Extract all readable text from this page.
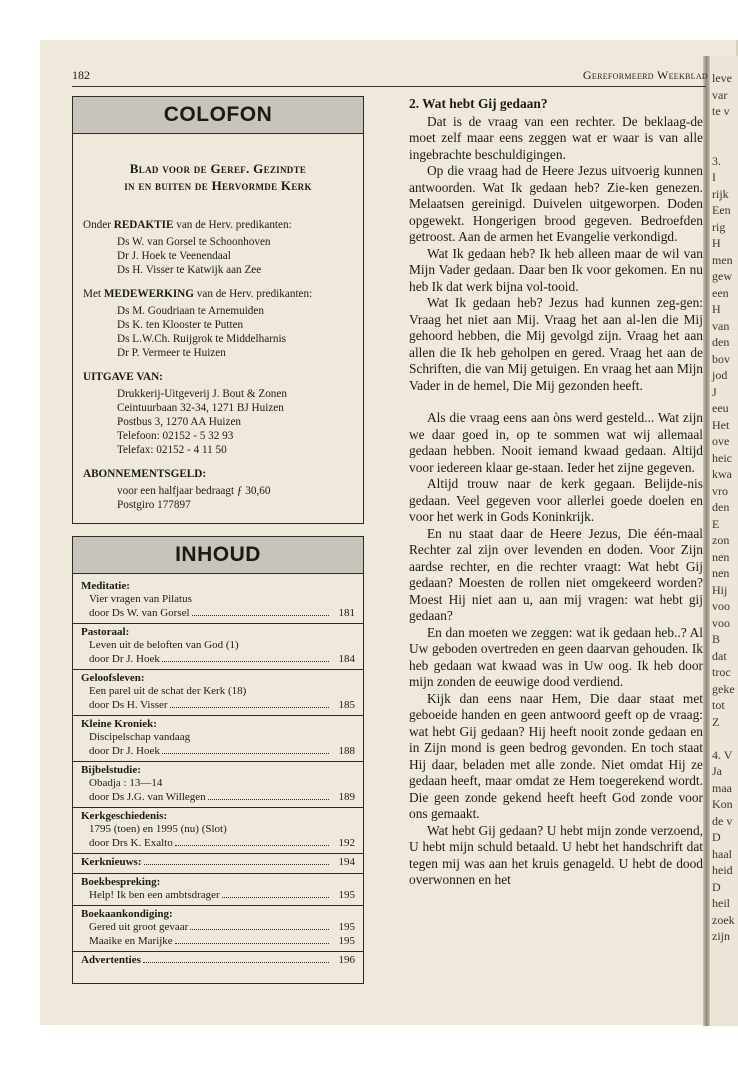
leve
var
te v

3.
I
rijk
Een
rig
H
men
gew
een
H
van
den
bov
jod
J
eeu
Het
ove
heic
kwa
vro
den
E
zon
nen
nen
Hij
voo
voo
B
dat
troc
geke
tot
Z

4. V
Ja
maa
Kon
de v
D
haal
heid
D
heil
zoek
zijn
182	Gereformeerd Weekblad
COLOFON
Blad voor de Geref. Gezindte
in en buiten de Hervormde Kerk
Onder REDAKTIE van de Herv. predikanten:
Ds W. van Gorsel te Schoonhoven
Dr J. Hoek te Veenendaal
Ds H. Visser te Katwijk aan Zee
Met MEDEWERKING van de Herv. predikanten:
Ds M. Goudriaan te Arnemuiden
Ds K. ten Klooster te Putten
Ds L.W.Ch. Ruijgrok te Middelharnis
Dr P. Vermeer te Huizen
UITGAVE VAN:
Drukkerij-Uitgeverij J. Bout & Zonen
Ceintuurbaan 32-34, 1271 BJ Huizen
Postbus 3, 1270 AA Huizen
Telefoon: 02152 - 5 32 93
Telefax: 02152 - 4 11 50
ABONNEMENTSGELD:
voor een halfjaar bedraagt ƒ 30,60
Postgiro 177897
INHOUD
Meditatie:
Vier vragen van Pilatus
door Ds W. van Gorsel	181
Pastoraal:
Leven uit de beloften van God (1)
door Dr J. Hoek	184
Geloofsleven:
Een parel uit de schat der Kerk (18)
door Ds H. Visser	185
Kleine Kroniek:
Discipelschap vandaag
door Dr J. Hoek	188
Bijbelstudie:
Obadja : 13—14
door Ds J.G. van Willegen	189
Kerkgeschiedenis:
1795 (toen) en 1995 (nu) (Slot)
door Drs K. Exalto	192
Kerknieuws:	194
Boekbespreking:
Help! Ik ben een ambtsdrager	195
Boekaankondiging:
Gered uit groot gevaar	195
Maaike en Marijke	195
Advertenties	196
2. Wat hebt Gij gedaan?

Dat is de vraag van een rechter. De beklaag-de moet zelf maar eens zeggen wat er waar is van alle ingebrachte beschuldigingen.

Op die vraag had de Heere Jezus uitvoerig kunnen antwoorden. Wat Ik gedaan heb? Zie-ken genezen. Melaatsen gereinigd. Duivelen uitgeworpen. Doden opgewekt. Hongerigen brood gegeven. Bedroefden getroost. Aan de armen het Evangelie verkondigd.

Wat Ik gedaan heb? Ik heb alleen maar de wil van Mijn Vader gedaan. Daar ben Ik voor gekomen. En nu heb Ik dat werk bijna vol-tooid.

Wat Ik gedaan heb? Jezus had kunnen zeg-gen: Vraag het niet aan Mij. Vraag het aan al-len die Mij gehoord hebben, die Mij gevolgd zijn. Vraag het aan allen die Ik heb geholpen en gered. Vraag het aan de Schriften, die van Mij getuigen. En vraag het aan Mijn Vader in de hemel, Die Mij gezonden heeft.

Als die vraag eens aan òns werd gesteld... Wat zijn we daar goed in, op te sommen wat wij allemaal gedaan hebben. Nooit iemand kwaad gedaan. Altijd voor iedereen klaar ge-staan. Ieder het zijne gegeven.

Altijd trouw naar de kerk gegaan. Belijde-nis gedaan. Veel gegeven voor allerlei goede doelen en voor het werk in Gods Koninkrijk.

En nu staat daar de Heere Jezus, Die één-maal Rechter zal zijn over levenden en doden. Voor Zijn aardse rechter, en die rechter vraagt: Wat hebt Gij gedaan? Moesten de rollen niet omgekeerd worden? Moest Hij niet aan u, aan mij vragen: wat hebt gij gedaan?

En dan moeten we zeggen: wat ik gedaan heb..? Al Uw geboden overtreden en geen daarvan gehouden. Ik heb gedaan wat kwaad was in Uw oog. Ik heb door mijn zonden de eeuwige dood verdiend.

Kijk dan eens naar Hem, Die daar staat met geboeide handen en geen antwoord geeft op de vraag: wat hebt Gij gedaan? Hij heeft nooit zonde gedaan en in Zijn mond is geen bedrog gevonden. En toch staat Hij daar, beladen met alle zonde. Niet omdat Hij ze gedaan heeft, maar omdat ze Hem toegerekend wordt. Die geen zonde gekend heeft heeft God zonde voor ons gemaakt.

Wat hebt Gij gedaan? U hebt mijn zonde verzoend, U hebt mijn schuld betaald. U hebt het handschrift dat tegen mij was aan het kruis genageld. U hebt de dood overwonnen en het
